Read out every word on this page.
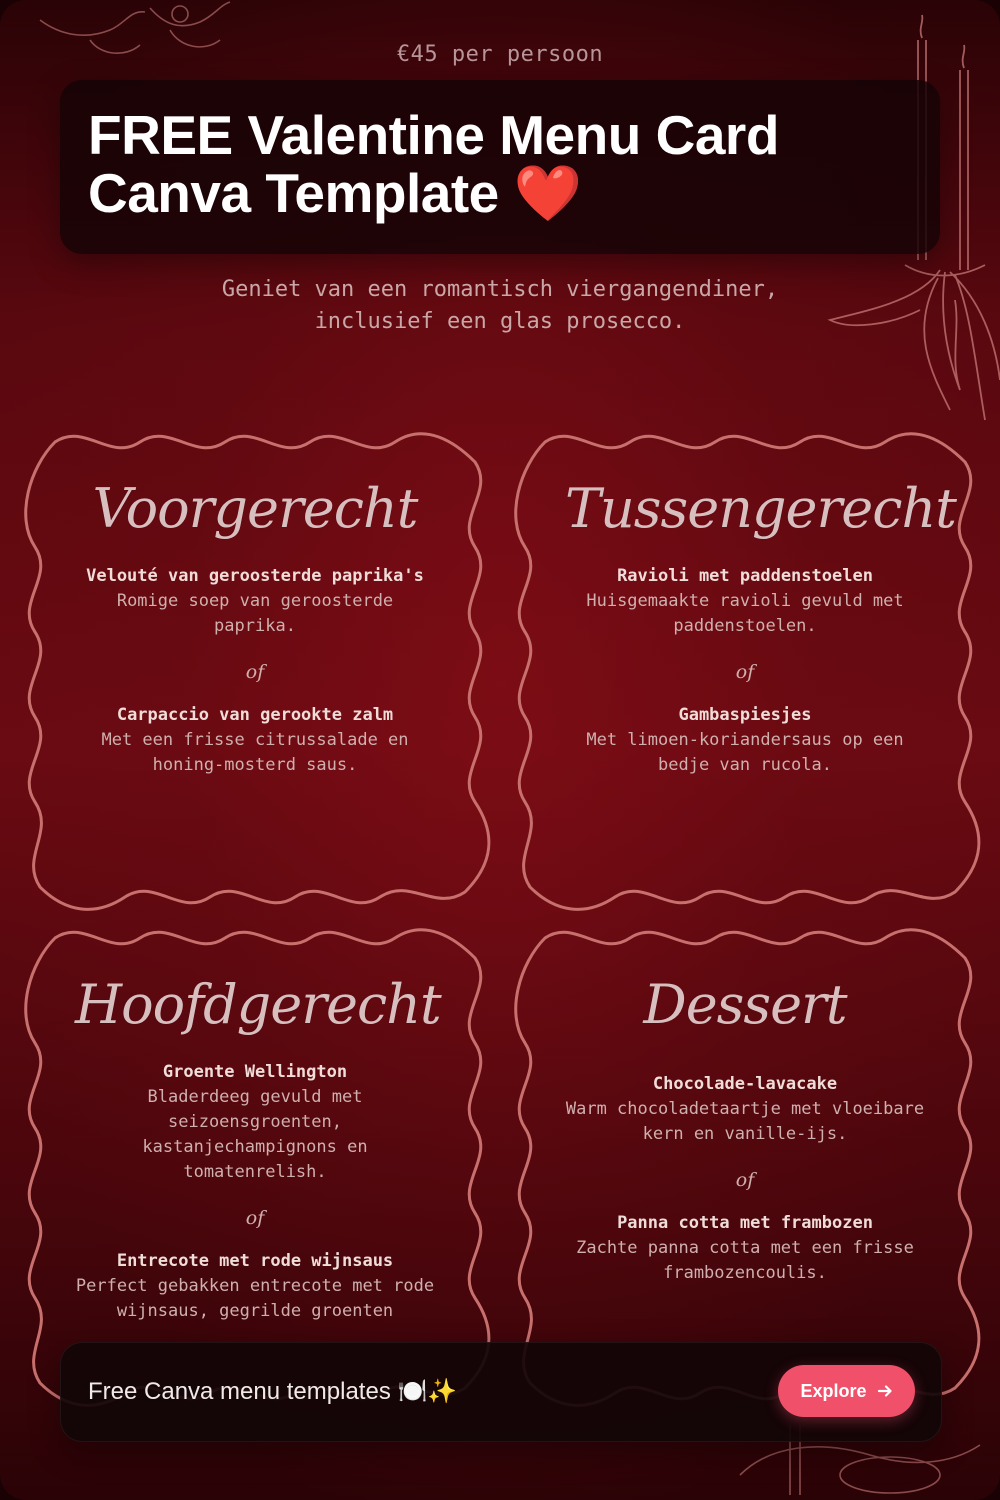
€45 per persoon
FREE Valentine Menu Card Canva Template ❤️
Geniet van een romantisch viergangendiner,
inclusief een glas prosecco.
Voorgerecht
Velouté van geroosterde paprika's
Romige soep van geroosterde paprika.
of
Carpaccio van gerookte zalm
Met een frisse citrussalade en honing-mosterd saus.
Tussengerecht
Ravioli met paddenstoelen
Huisgemaakte ravioli gevuld met paddenstoelen.
of
Gambaspiesjes
Met limoen-koriandersaus op een bedje van rucola.
Hoofdgerecht
Groente Wellington
Bladerdeeg gevuld met seizoensgroenten, kastanjechampignons en tomatenrelish.
of
Entrecote met rode wijnsaus
Perfect gebakken entrecote met rode wijnsaus, gegrilde groenten
Dessert
Chocolade-lavacake
Warm chocoladetaartje met vloeibare kern en vanille-ijs.
of
Panna cotta met frambozen
Zachte panna cotta met een frisse frambozencoulis.
Free Canva menu templates 🍽️✨	Explore
